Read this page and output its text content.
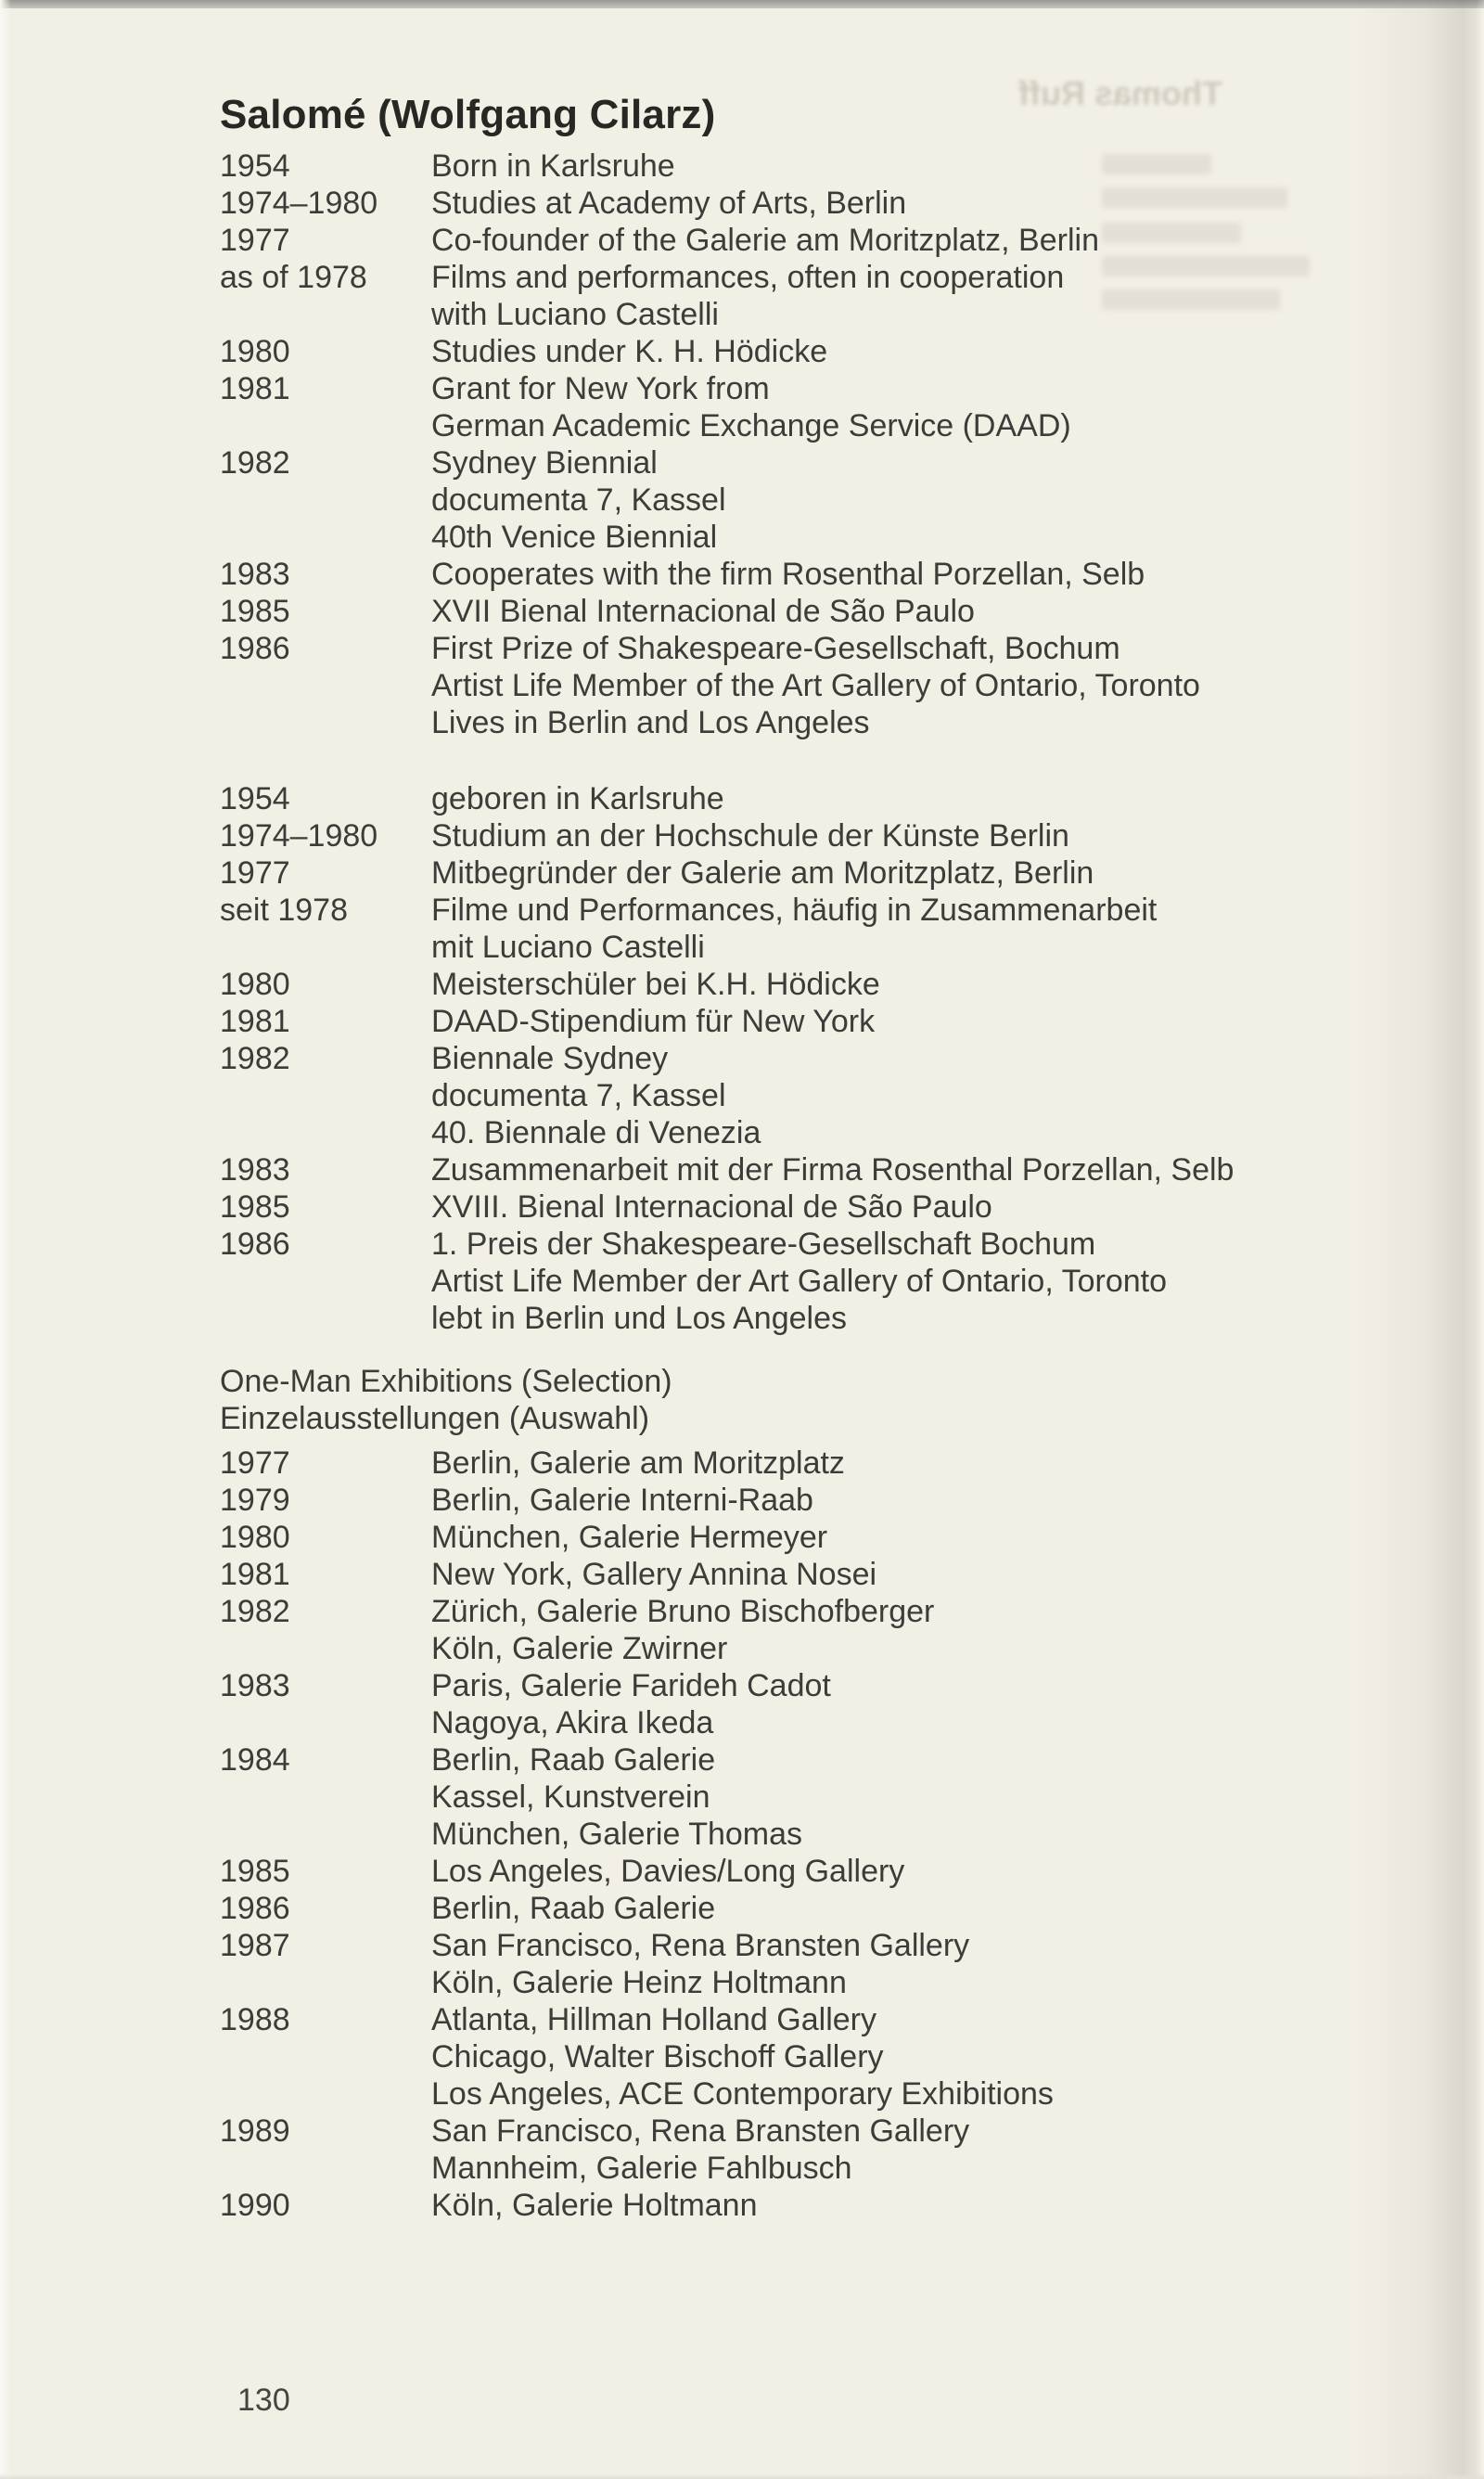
Thomas Ruff
Salomé (Wolfgang Cilarz)
1954	Born in Karlsruhe
1974–1980	Studies at Academy of Arts, Berlin
1977	Co-founder of the Galerie am Moritzplatz, Berlin
as of 1978	Films and performances, often in cooperation
with Luciano Castelli
1980	Studies under K. H. Hödicke
1981	Grant for New York from
German Academic Exchange Service (DAAD)
1982	Sydney Biennial
documenta 7, Kassel
40th Venice Biennial
1983	Cooperates with the firm Rosenthal Porzellan, Selb
1985	XVII Bienal Internacional de São Paulo
1986	First Prize of Shakespeare-Gesellschaft, Bochum
Artist Life Member of the Art Gallery of Ontario, Toronto
Lives in Berlin and Los Angeles
1954	geboren in Karlsruhe
1974–1980	Studium an der Hochschule der Künste Berlin
1977	Mitbegründer der Galerie am Moritzplatz, Berlin
seit 1978	Filme und Performances, häufig in Zusammenarbeit
mit Luciano Castelli
1980	Meisterschüler bei K.H. Hödicke
1981	DAAD-Stipendium für New York
1982	Biennale Sydney
documenta 7, Kassel
40. Biennale di Venezia
1983	Zusammenarbeit mit der Firma Rosenthal Porzellan, Selb
1985	XVIII. Bienal Internacional de São Paulo
1986	1. Preis der Shakespeare-Gesellschaft Bochum
Artist Life Member der Art Gallery of Ontario, Toronto
lebt in Berlin und Los Angeles
One-Man Exhibitions (Selection)
Einzelausstellungen (Auswahl)
1977	Berlin, Galerie am Moritzplatz
1979	Berlin, Galerie Interni-Raab
1980	München, Galerie Hermeyer
1981	New York, Gallery Annina Nosei
1982	Zürich, Galerie Bruno Bischofberger
Köln, Galerie Zwirner
1983	Paris, Galerie Farideh Cadot
Nagoya, Akira Ikeda
1984	Berlin, Raab Galerie
Kassel, Kunstverein
München, Galerie Thomas
1985	Los Angeles, Davies/Long Gallery
1986	Berlin, Raab Galerie
1987	San Francisco, Rena Bransten Gallery
Köln, Galerie Heinz Holtmann
1988	Atlanta, Hillman Holland Gallery
Chicago, Walter Bischoff Gallery
Los Angeles, ACE Contemporary Exhibitions
1989	San Francisco, Rena Bransten Gallery
Mannheim, Galerie Fahlbusch
1990	Köln, Galerie Holtmann
130
